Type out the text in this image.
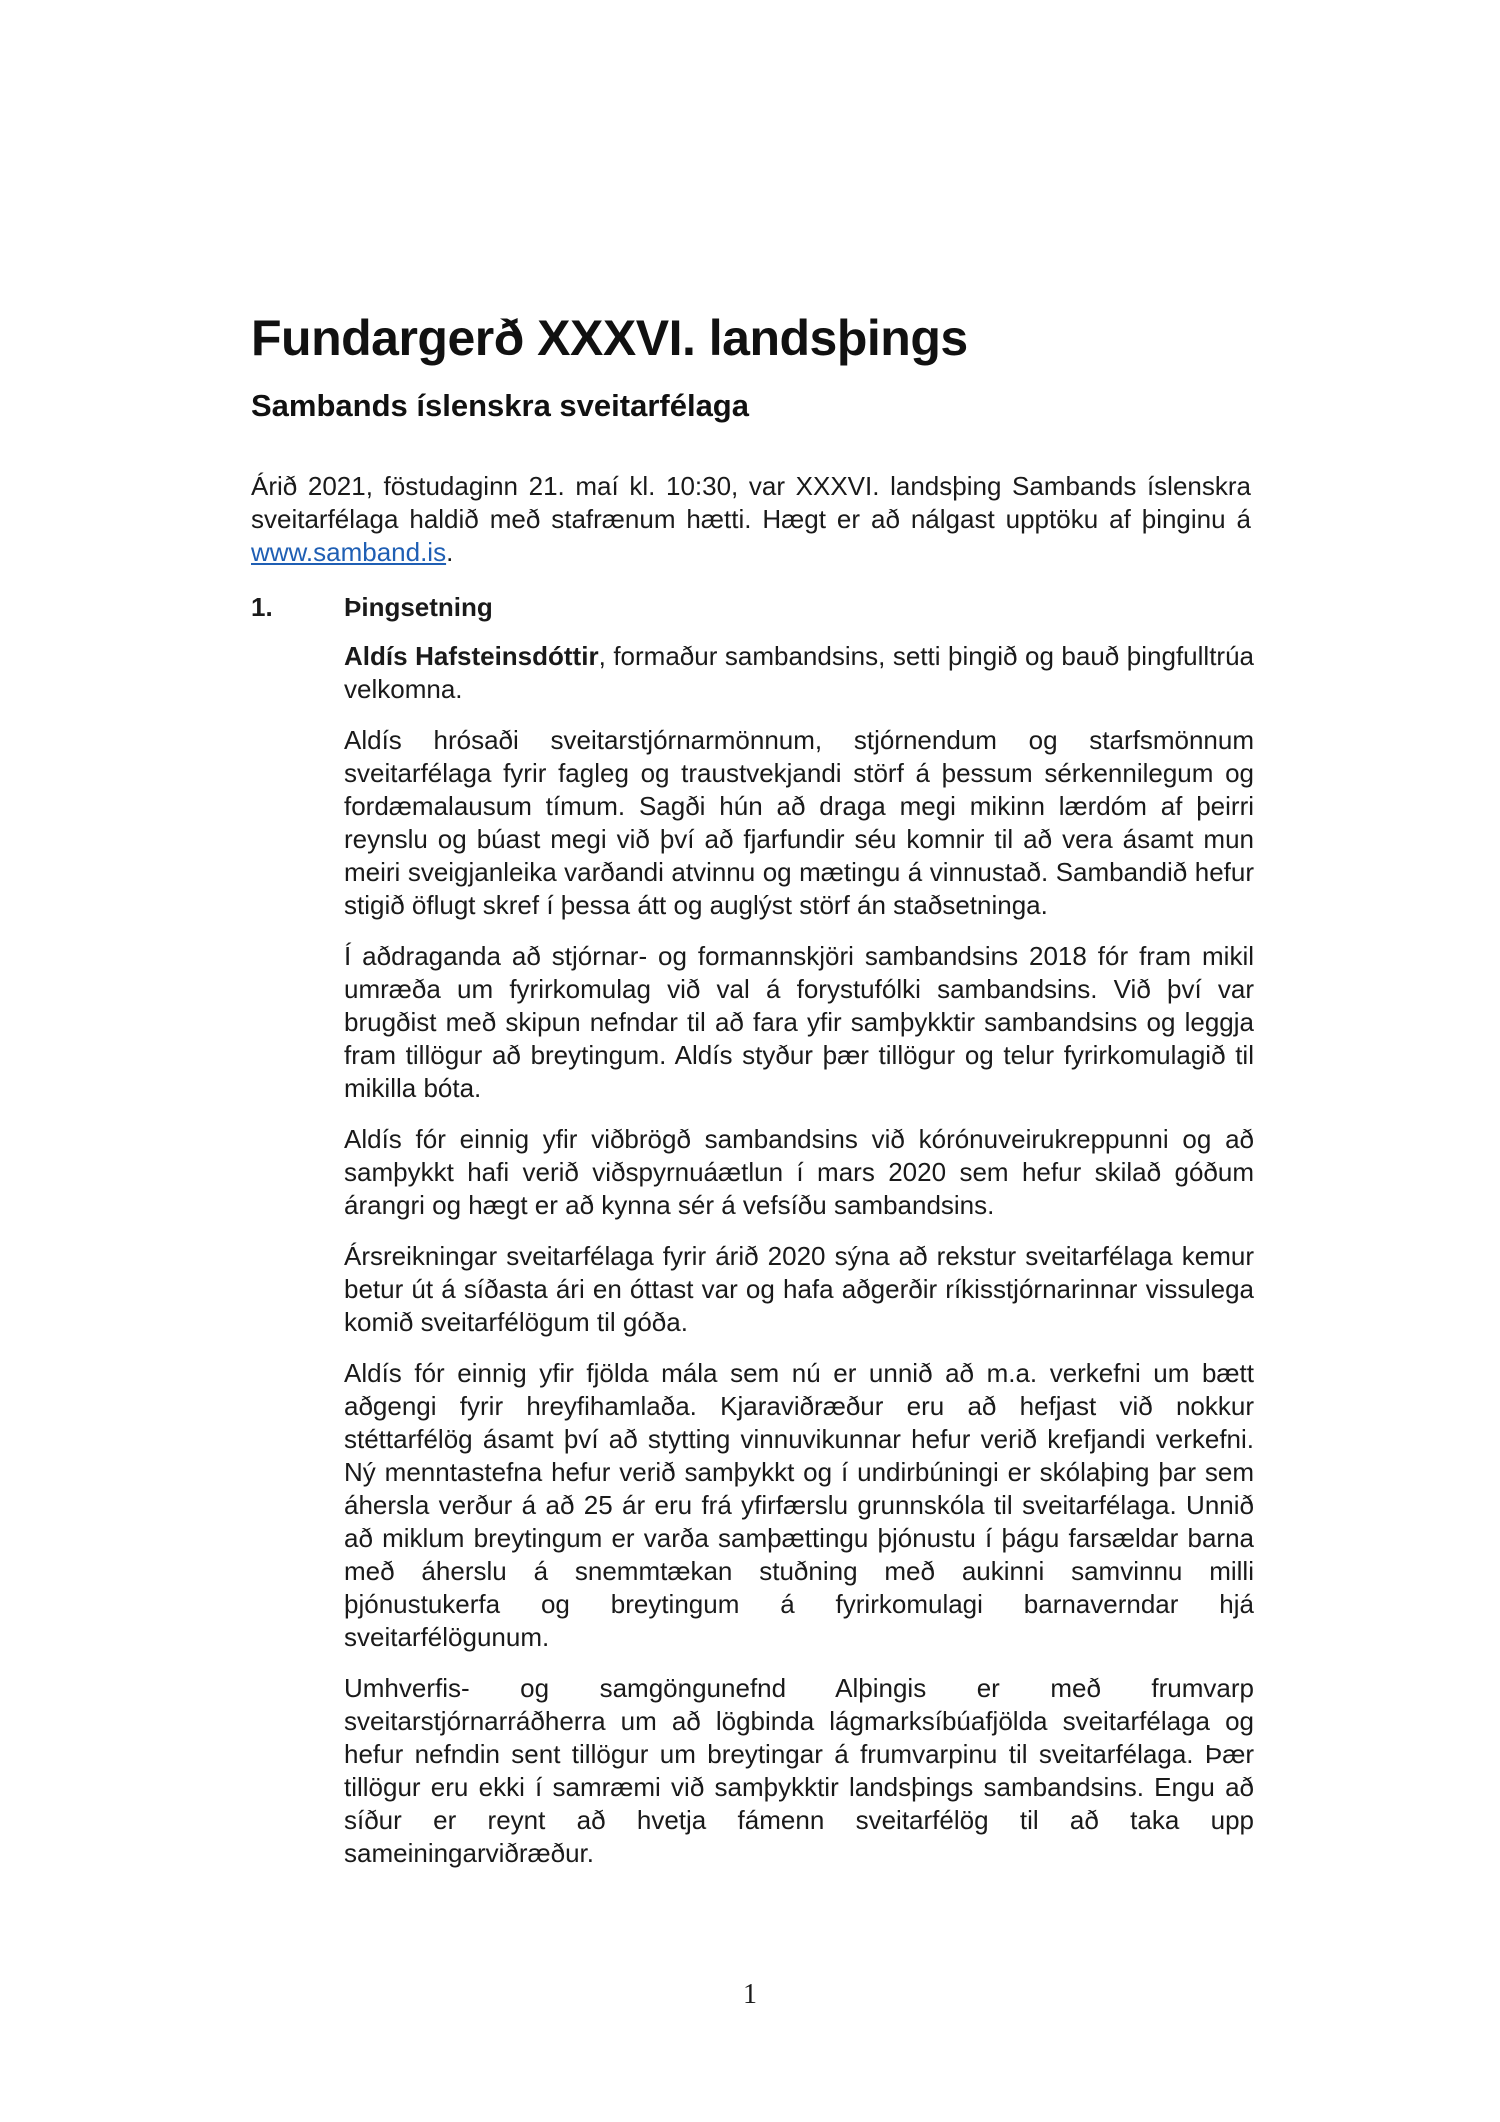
Fundargerð XXXVI. landsþings
Sambands íslenskra sveitarfélaga

Árið 2021, föstudaginn 21. maí kl. 10:30, var XXXVI. landsþing Sambands íslenskra sveitarfélaga haldið með stafrænum hætti. Hægt er að nálgast upptöku af þinginu á www.samband.is.

1.	Þingsetning

Aldís Hafsteinsdóttir, formaður sambandsins, setti þingið og bauð þingfulltrúa velkomna.

Aldís hrósaði sveitarstjórnarmönnum, stjórnendum og starfsmönnum sveitarfélaga fyrir fagleg og traustvekjandi störf á þessum sérkennilegum og fordæmalausum tímum. Sagði hún að draga megi mikinn lærdóm af þeirri reynslu og búast megi við því að fjarfundir séu komnir til að vera ásamt mun meiri sveigjanleika varðandi atvinnu og mætingu á vinnustað. Sambandið hefur stigið öflugt skref í þessa átt og auglýst störf án staðsetninga.

Í aðdraganda að stjórnar- og formannskjöri sambandsins 2018 fór fram mikil umræða um fyrirkomulag við val á forystufólki sambandsins. Við því var brugðist með skipun nefndar til að fara yfir samþykktir sambandsins og leggja fram tillögur að breytingum. Aldís styður þær tillögur og telur fyrirkomulagið til mikilla bóta.

Aldís fór einnig yfir viðbrögð sambandsins við kórónuveirukreppunni og að samþykkt hafi verið viðspyrnuáætlun í mars 2020 sem hefur skilað góðum árangri og hægt er að kynna sér á vefsíðu sambandsins.

Ársreikningar sveitarfélaga fyrir árið 2020 sýna að rekstur sveitarfélaga kemur betur út á síðasta ári en óttast var og hafa aðgerðir ríkisstjórnarinnar vissulega komið sveitarfélögum til góða.

Aldís fór einnig yfir fjölda mála sem nú er unnið að m.a. verkefni um bætt aðgengi fyrir hreyfihamlaða. Kjaraviðræður eru að hefjast við nokkur stéttarfélög ásamt því að stytting vinnuvikunnar hefur verið krefjandi verkefni. Ný menntastefna hefur verið samþykkt og í undirbúningi er skólaþing þar sem áhersla verður á að 25 ár eru frá yfirfærslu grunnskóla til sveitarfélaga. Unnið að miklum breytingum er varða samþættingu þjónustu í þágu farsældar barna með áherslu á snemmtækan stuðning með aukinni samvinnu milli þjónustukerfa og breytingum á fyrirkomulagi barnaverndar hjá sveitarfélögunum.

Umhverfis- og samgöngunefnd Alþingis er með frumvarp sveitarstjórnarráðherra um að lögbinda lágmarksíbúafjölda sveitarfélaga og hefur nefndin sent tillögur um breytingar á frumvarpinu til sveitarfélaga. Þær tillögur eru ekki í samræmi við samþykktir landsþings sambandsins. Engu að síður er reynt að hvetja fámenn sveitarfélög til að taka upp sameiningarviðræður.

1
